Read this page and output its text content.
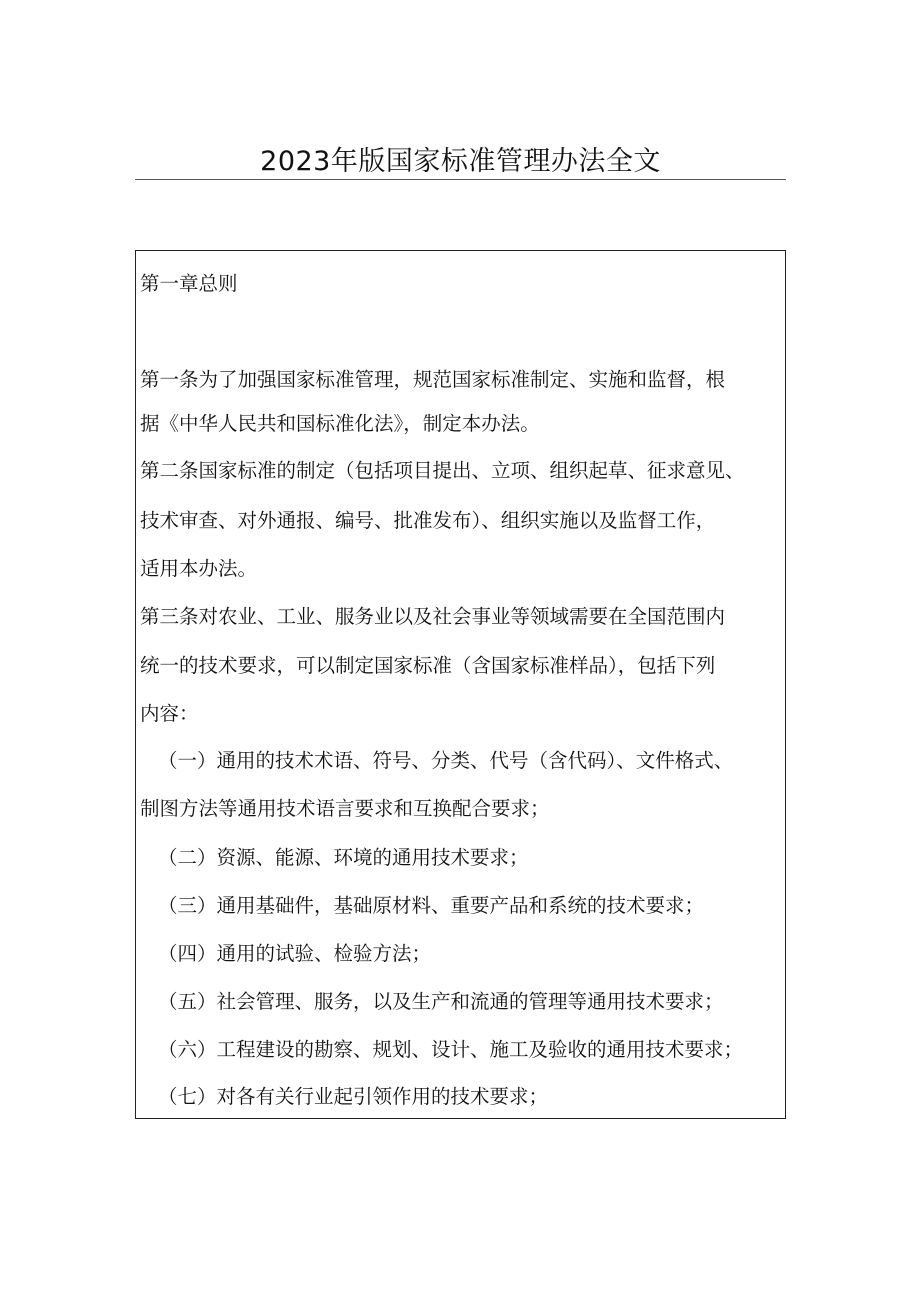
2023年版国家标准管理办法全文
第一章总则
第一条为了加强国家标准管理，规范国家标准制定、实施和监督，根
据《中华人民共和国标准化法》，制定本办法。
第二条国家标准的制定（包括项目提出、立项、组织起草、征求意见、
技术审查、对外通报、编号、批准发布）、组织实施以及监督工作，
适用本办法。
第三条对农业、工业、服务业以及社会事业等领域需要在全国范围内
统一的技术要求，可以制定国家标准（含国家标准样品），包括下列
内容：
（一）通用的技术术语、符号、分类、代号（含代码）、文件格式、
制图方法等通用技术语言要求和互换配合要求；
（二）资源、能源、环境的通用技术要求；
（三）通用基础件，基础原材料、重要产品和系统的技术要求；
（四）通用的试验、检验方法；
（五）社会管理、服务，以及生产和流通的管理等通用技术要求；
（六）工程建设的勘察、规划、设计、施工及验收的通用技术要求；
（七）对各有关行业起引领作用的技术要求；
